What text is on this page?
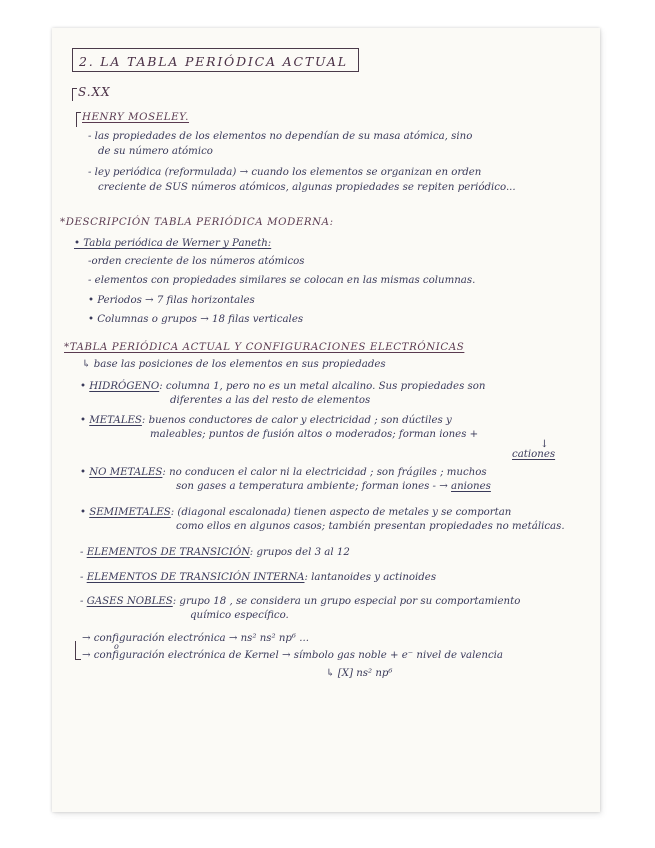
2. LA TABLA PERIÓDICA ACTUAL
S.XX
HENRY MOSELEY.
- las propiedades de los elementos no dependían de su masa atómica, sino
de su número atómico
- ley periódica (reformulada) → cuando los elementos se organizan en orden
creciente de SUS números atómicos, algunas propiedades se repiten periódico...
*DESCRIPCIÓN TABLA PERIÓDICA MODERNA:
• Tabla periódica de Werner y Paneth:
-orden creciente de los números atómicos
- elementos con propiedades similares se colocan en las mismas columnas.
• Periodos → 7 filas horizontales
• Columnas o grupos → 18 filas verticales
*TABLA PERIÓDICA ACTUAL Y CONFIGURACIONES ELECTRÓNICAS
↳ base las posiciones de los elementos en sus propiedades
• HIDRÓGENO: columna 1, pero no es un metal alcalino. Sus propiedades son
diferentes a las del resto de elementos
• METALES: buenos conductores de calor y electricidad ; son dúctiles y
maleables; puntos de fusión altos o moderados; forman iones +
↓
cationes
• NO METALES: no conducen el calor ni la electricidad ; son frágiles ; muchos
son gases a temperatura ambiente; forman iones - → aniones
• SEMIMETALES: (diagonal escalonada) tienen aspecto de metales y se comportan
como ellos en algunos casos; también presentan propiedades no metálicas.
- ELEMENTOS DE TRANSICIÓN: grupos del 3 al 12
- ELEMENTOS DE TRANSICIÓN INTERNA: lantanoides y actinoides
- GASES NOBLES: grupo 18 , se considera un grupo especial por su comportamiento
químico específico.
→ configuración electrónica → ns² ns² np⁶ ...
o
→ configuración electrónica de Kernel → símbolo gas noble + e⁻ nivel de valencia
↳ [X] ns² np⁶
